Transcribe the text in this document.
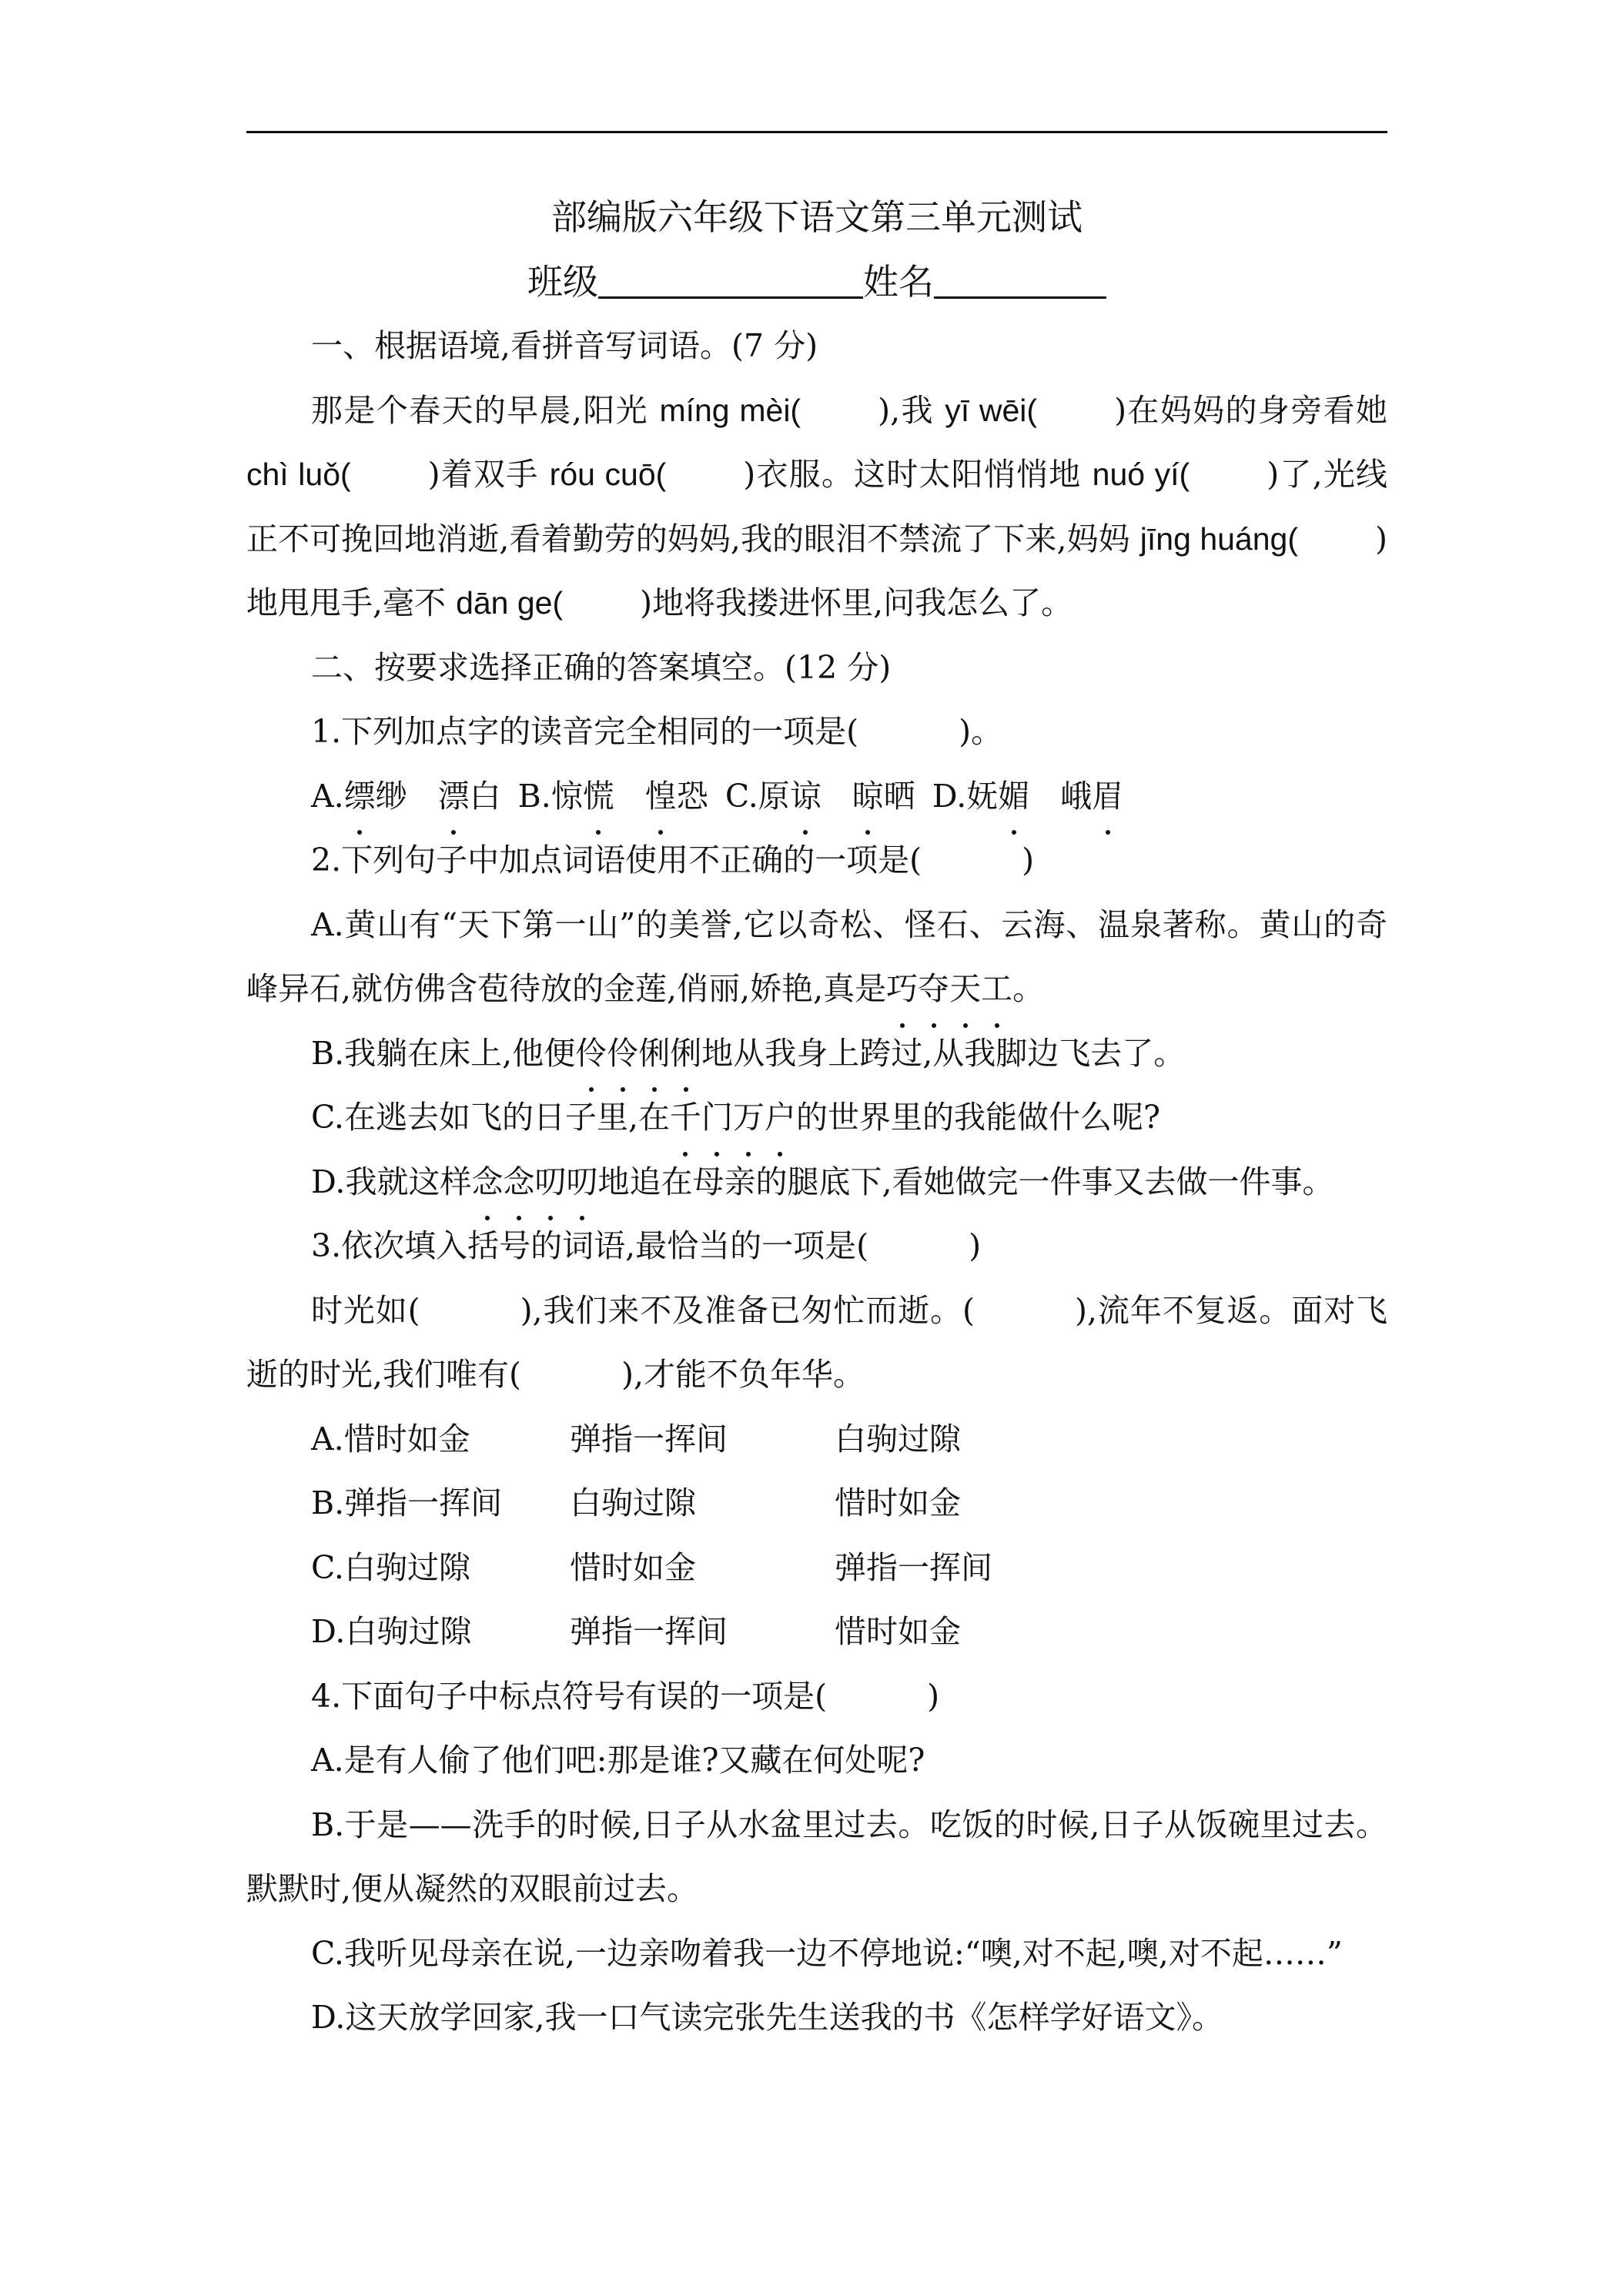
部编版六年级下语文第三单元测试
班级	姓名
一、根据语境,看拼音写词语。(7 分)
那是个春天的早晨,阳光 míng mèi( ),我 yī wēi( )在妈妈的身旁看她 chì luǒ( )着双手 róu cuō( )衣服。这时太阳悄悄地 nuó yí( )了,光线正不可挽回地消逝,看着勤劳的妈妈,我的眼泪不禁流了下来,妈妈 jīng huáng( )地甩甩手,毫不 dān ge( )地将我搂进怀里,问我怎么了。
二、按要求选择正确的答案填空。(12 分)
1.下列加点字的读音完全相同的一项是(	)。
A.缥缈 漂白 B.惊慌 惶恐 C.原谅 晾晒 D.妩媚 峨眉
2.下列句子中加点词语使用不正确的一项是(	)
A.黄山有“天下第一山”的美誉,它以奇松、怪石、云海、温泉著称。黄山的奇峰异石,就仿佛含苞待放的金莲,俏丽,娇艳,真是巧夺天工。
B.我躺在床上,他便伶伶俐俐地从我身上跨过,从我脚边飞去了。
C.在逃去如飞的日子里,在千门万户的世界里的我能做什么呢?
D.我就这样念念叨叨地追在母亲的腿底下,看她做完一件事又去做一件事。
3.依次填入括号的词语,最恰当的一项是(	)
时光如(	),我们来不及准备已匆忙而逝。(	),流年不复返。面对飞逝的时光,我们唯有(	),才能不负年华。
A.惜时如金	弹指一挥间	白驹过隙
B.弹指一挥间 白驹过隙	惜时如金
C.白驹过隙	惜时如金	弹指一挥间
D.白驹过隙	弹指一挥间	惜时如金
4.下面句子中标点符号有误的一项是(	)
A.是有人偷了他们吧:那是谁?又藏在何处呢?
B.于是——洗手的时候,日子从水盆里过去。吃饭的时候,日子从饭碗里过去。默默时,便从凝然的双眼前过去。
C.我听见母亲在说,一边亲吻着我一边不停地说:“噢,对不起,噢,对不起……”
D.这天放学回家,我一口气读完张先生送我的书《怎样学好语文》。
